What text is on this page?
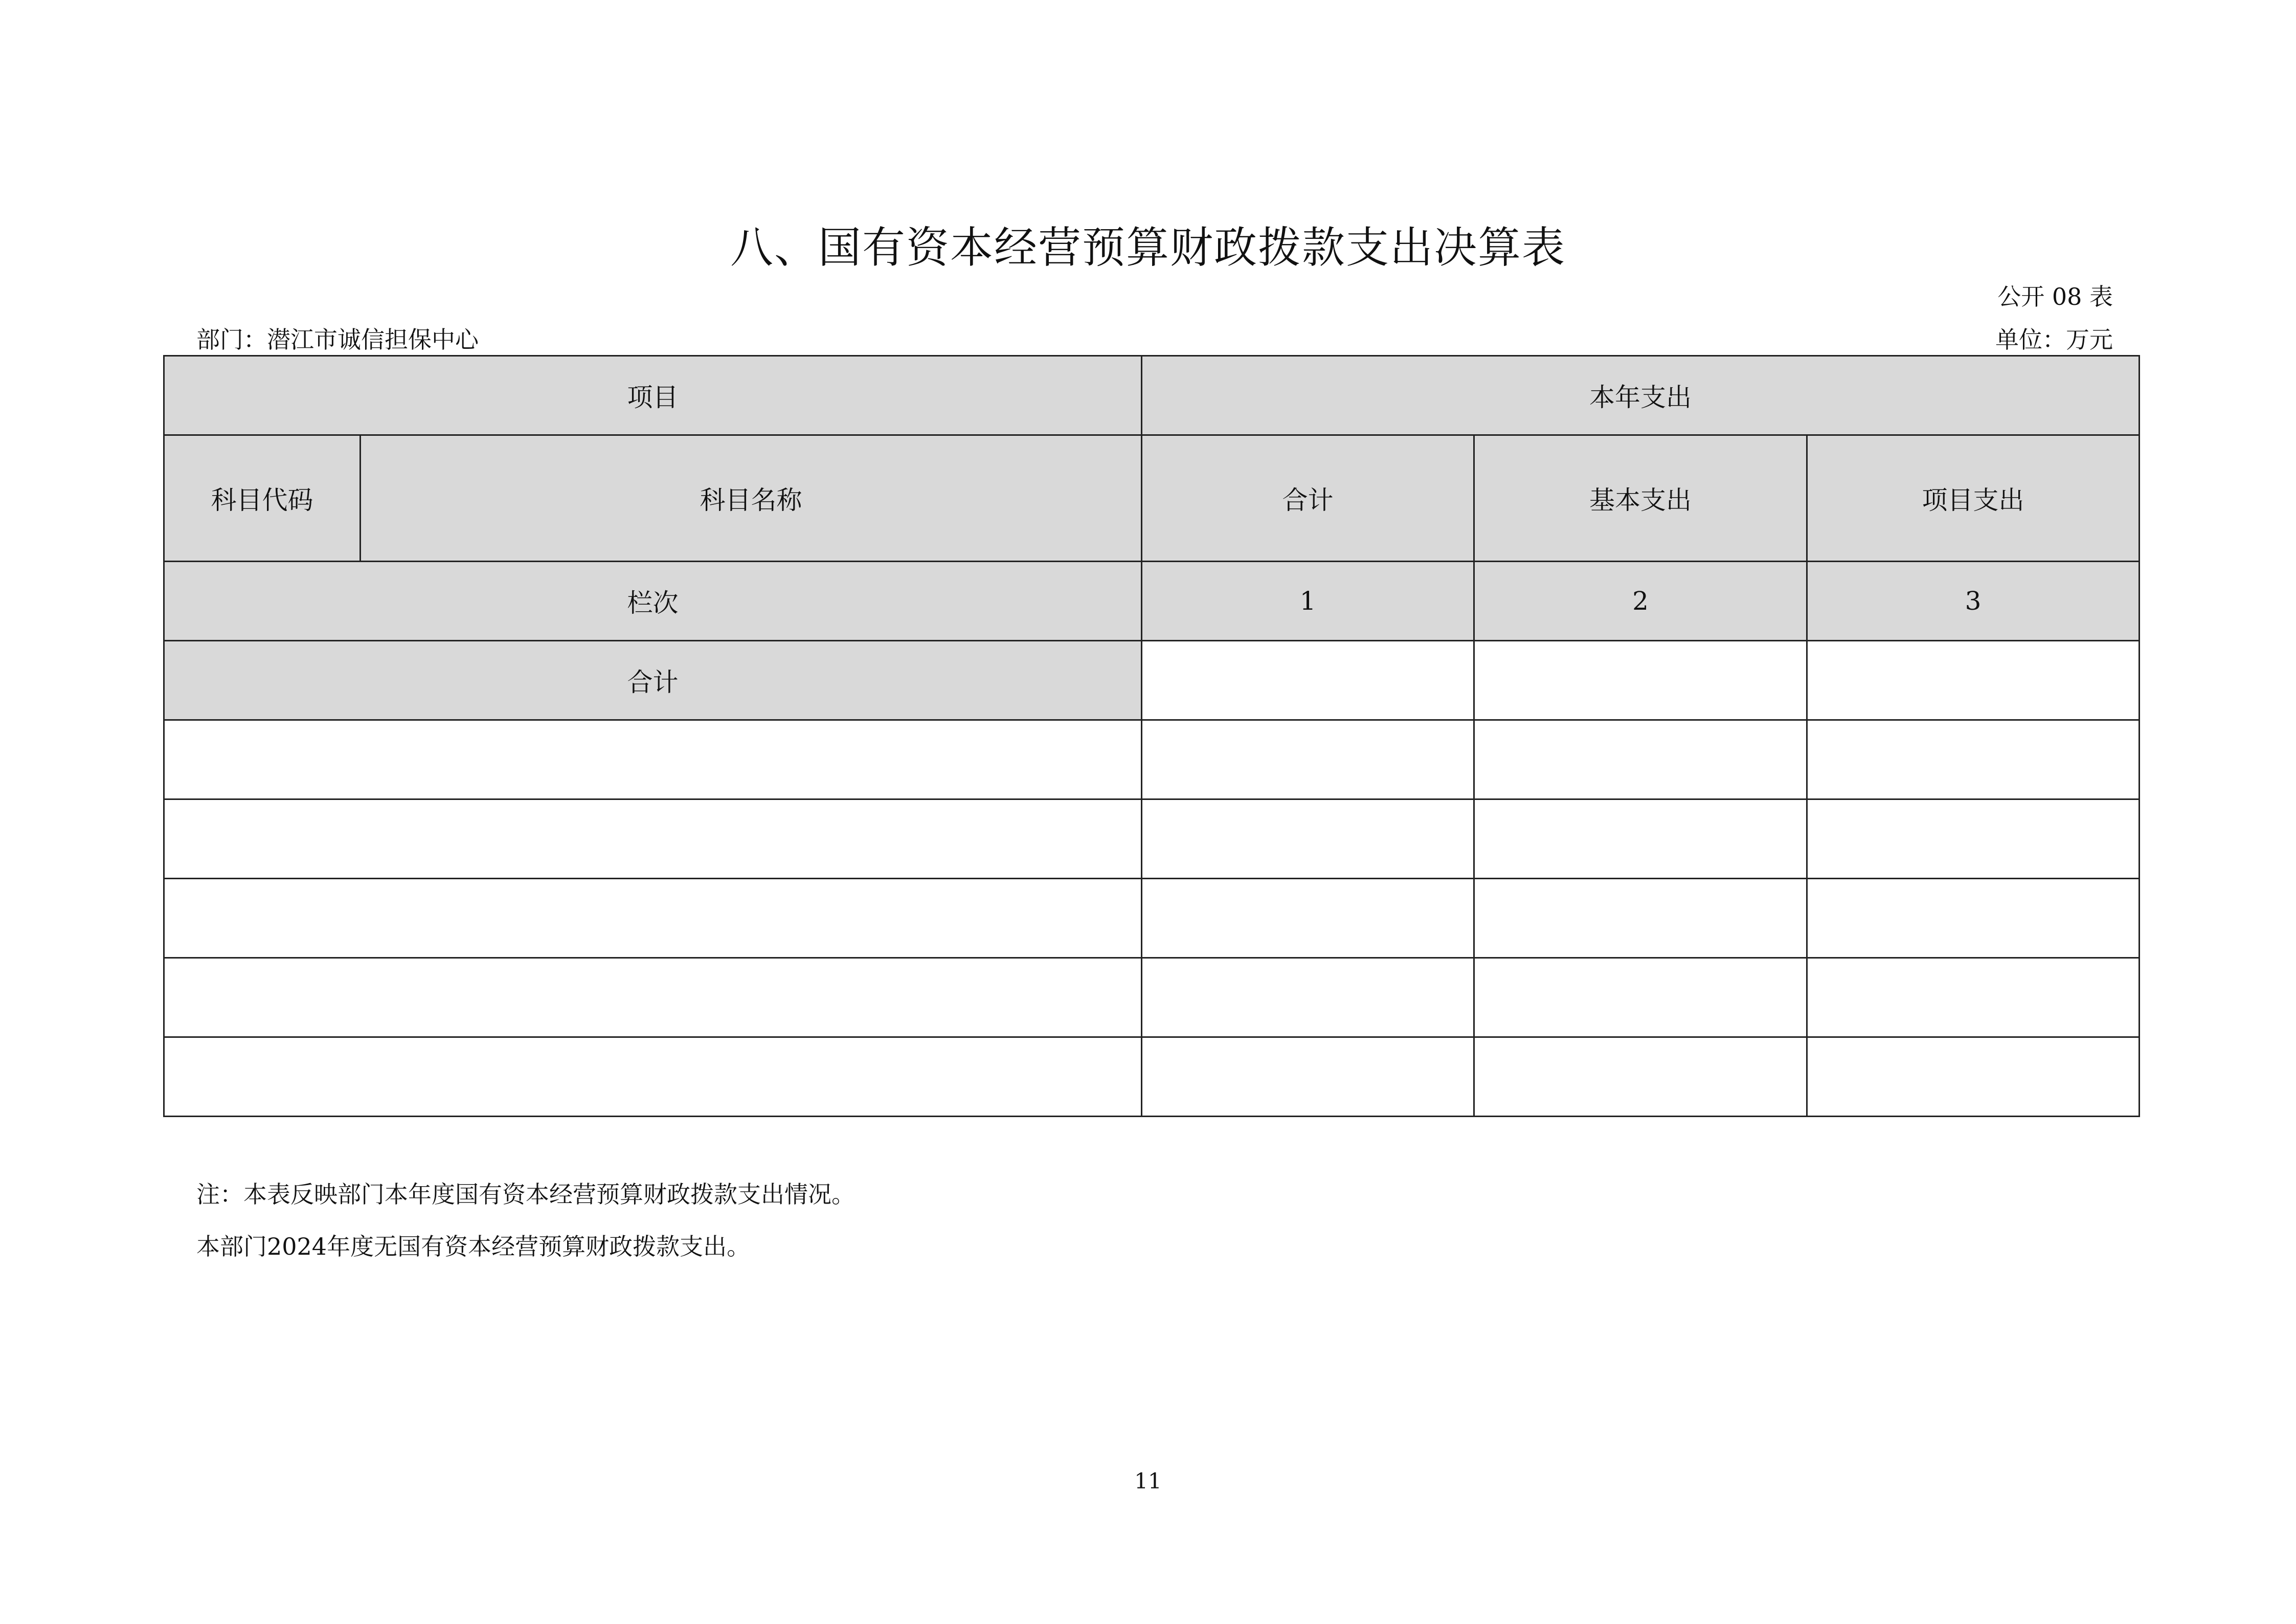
八、国有资本经营预算财政拨款支出决算表
公开 08 表
部门：潜江市诚信担保中心	单位：万元
项目		本年支出		
科目代码	科目名称	合计	基本支出	项目支出
栏次		1	2	3
合计				

注：本表反映部门本年度国有资本经营预算财政拨款支出情况。
本部门2024年度无国有资本经营预算财政拨款支出。
11
